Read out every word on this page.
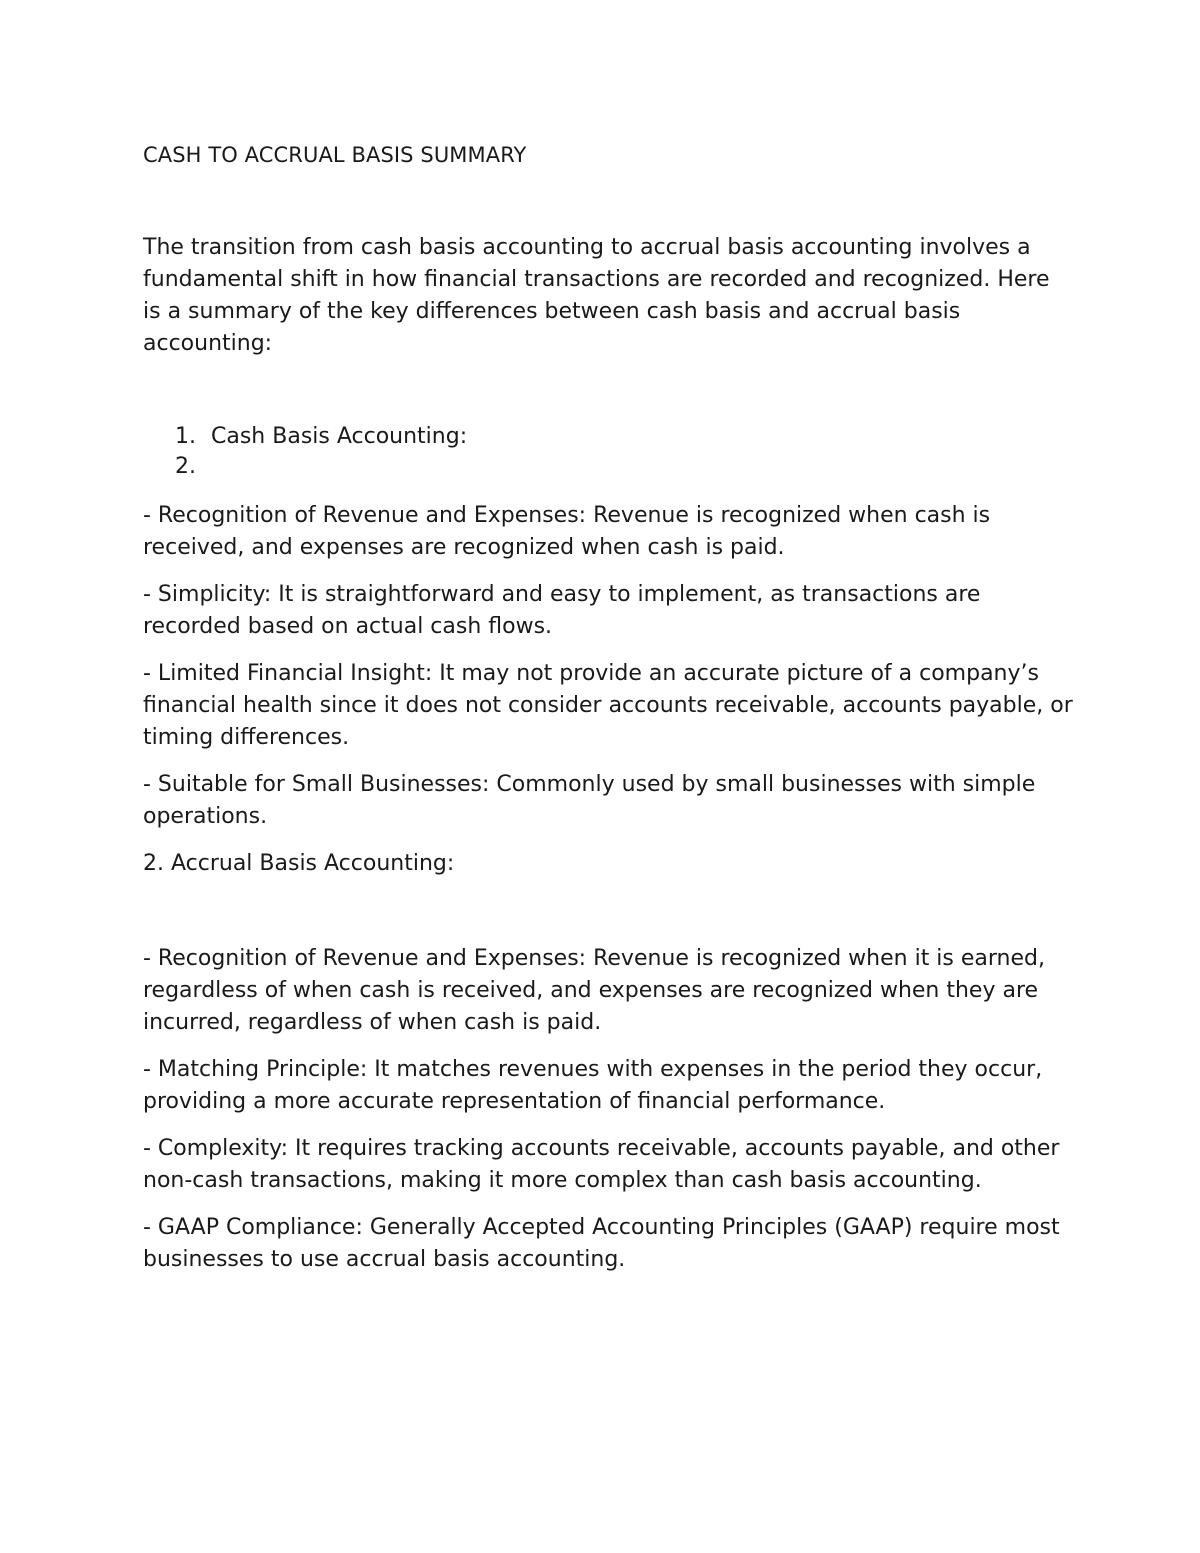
CASH TO ACCRUAL BASIS SUMMARY

The transition from cash basis accounting to accrual basis accounting involves a fundamental shift in how financial transactions are recorded and recognized. Here is a summary of the key differences between cash basis and accrual basis accounting:

1. Cash Basis Accounting:
2.

- Recognition of Revenue and Expenses: Revenue is recognized when cash is received, and expenses are recognized when cash is paid.

- Simplicity: It is straightforward and easy to implement, as transactions are recorded based on actual cash flows.

- Limited Financial Insight: It may not provide an accurate picture of a company’s financial health since it does not consider accounts receivable, accounts payable, or timing differences.

- Suitable for Small Businesses: Commonly used by small businesses with simple operations.

2. Accrual Basis Accounting:

- Recognition of Revenue and Expenses: Revenue is recognized when it is earned, regardless of when cash is received, and expenses are recognized when they are incurred, regardless of when cash is paid.

- Matching Principle: It matches revenues with expenses in the period they occur, providing a more accurate representation of financial performance.

- Complexity: It requires tracking accounts receivable, accounts payable, and other non-cash transactions, making it more complex than cash basis accounting.

- GAAP Compliance: Generally Accepted Accounting Principles (GAAP) require most businesses to use accrual basis accounting.
